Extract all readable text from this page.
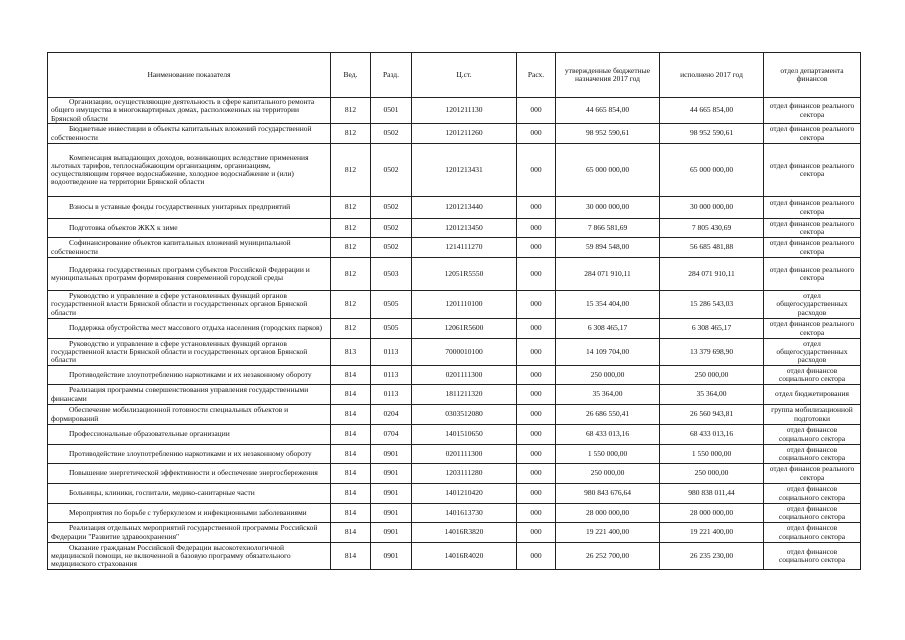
Наименование показателя	Вед.	Разд.	Ц.ст.	Расх.	утвержденные бюджетные назначения 2017 год	исполнено 2017 год	отдел департамента финансов
Организации, осуществляющие деятельность в сфере капитального ремонта общего имущества в многоквартирных домах, расположенных на территории Брянской области	812	0501	1201211130	000	44 665 854,00	44 665 854,00	отдел финансов реального сектора
Бюджетные инвестиции в объекты капитальных вложений государственной собственности	812	0502	1201211260	000	98 952 590,61	98 952 590,61	отдел финансов реального сектора
Компенсация выпадающих доходов, возникающих вследствие применения льготных тарифов, теплоснабжающим организациям, организациям, осуществляющим горячее водоснабжение, холодное водоснабжение и (или) водоотведение на территории Брянской области	812	0502	1201213431	000	65 000 000,00	65 000 000,00	отдел финансов реального сектора
Взносы в уставные фонды государственных унитарных предприятий	812	0502	1201213440	000	30 000 000,00	30 000 000,00	отдел финансов реального сектора
Подготовка объектов ЖКХ к зиме	812	0502	1201213450	000	7 866 581,69	7 805 430,69	отдел финансов реального сектора
Софинансирование объектов капитальных вложений муниципальной собственности	812	0502	1214111270	000	59 894 548,00	56 685 481,88	отдел финансов реального сектора
Поддержка государственных программ субъектов Российской Федерации и муниципальных программ формирования современной городской среды	812	0503	12051R5550	000	284 071 910,11	284 071 910,11	отдел финансов реального сектора
Руководство и управление в сфере установленных функций органов государственной власти Брянской области и государственных органов Брянской области	812	0505	1201110100	000	15 354 404,00	15 286 543,03	отдел общегосударственных расходов
Поддержка обустройства мест массового отдыха населения (городских парков)	812	0505	12061R5600	000	6 308 465,17	6 308 465,17	отдел финансов реального сектора
Руководство и управление в сфере установленных функций органов государственной власти Брянской области и государственных органов Брянской области	813	0113	7000010100	000	14 109 704,00	13 379 698,90	отдел общегосударственных расходов
Противодействие злоупотреблению наркотиками и их незаконному обороту	814	0113	0201111300	000	250 000,00	250 000,00	отдел финансов социального сектора
Реализация программы совершенствования управления государственными финансами	814	0113	1811211320	000	35 364,00	35 364,00	отдел бюджетирования
Обеспечение мобилизационной готовности специальных объектов и формирований	814	0204	0303512080	000	26 686 550,41	26 560 943,81	группа мобилизационной подготовки
Профессиональные образовательные организации	814	0704	1401510650	000	68 433 013,16	68 433 013,16	отдел финансов социального сектора
Противодействие злоупотреблению наркотиками и их незаконному обороту	814	0901	0201111300	000	1 550 000,00	1 550 000,00	отдел финансов социального сектора
Повышение энергетической эффективности и обеспечение энергосбережения	814	0901	1203111280	000	250 000,00	250 000,00	отдел финансов реального сектора
Больницы, клиники, госпитали, медико-санитарные части	814	0901	1401210420	000	980 843 676,64	980 838 011,44	отдел финансов социального сектора
Мероприятия по борьбе с туберкулезом и инфекционными заболеваниями	814	0901	1401613730	000	28 000 000,00	28 000 000,00	отдел финансов социального сектора
Реализация отдельных мероприятий государственной программы Российской Федерации "Развитие здравоохранения"	814	0901	14016R3820	000	19 221 400,00	19 221 400,00	отдел финансов социального сектора
Оказание гражданам Российской Федерации высокотехнологичной медицинской помощи, не включенной в базовую программу обязательного медицинского страхования	814	0901	14016R4020	000	26 252 700,00	26 235 230,00	отдел финансов социального сектора
